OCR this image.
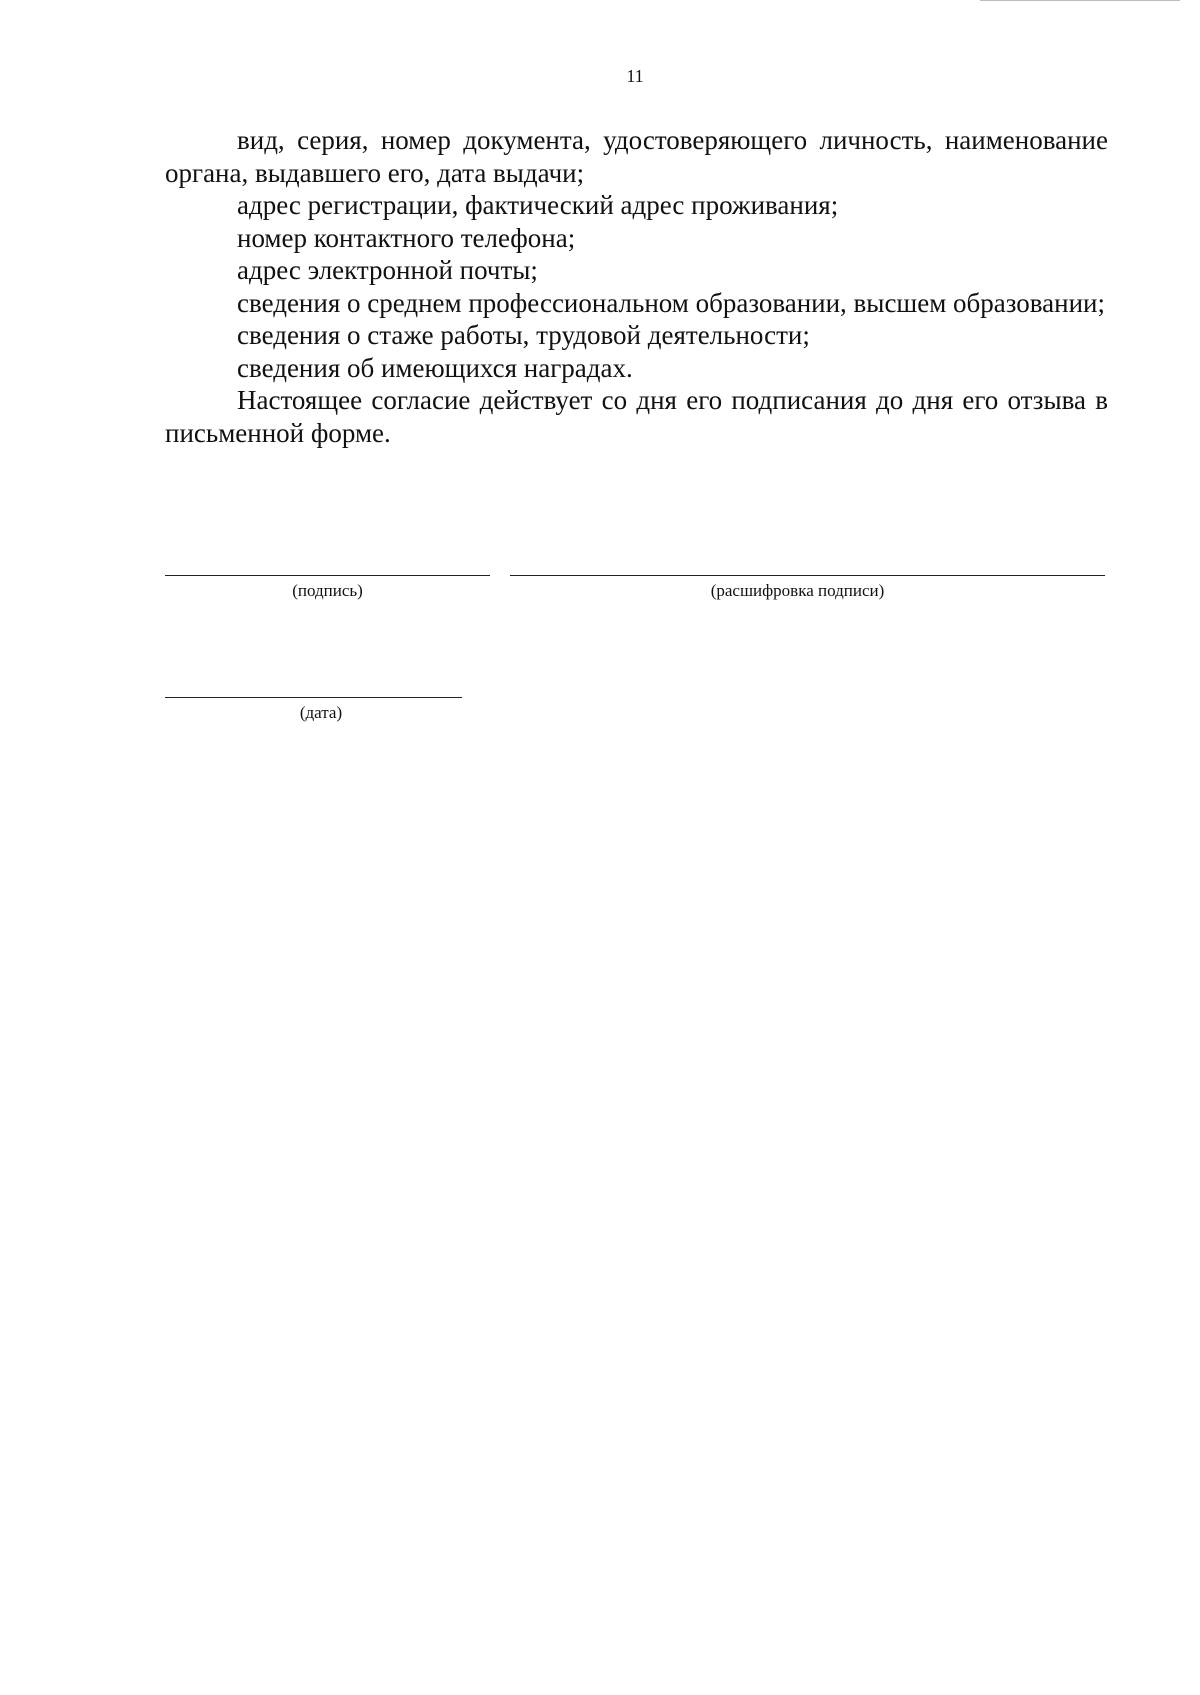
11

вид, серия, номер документа, удостоверяющего личность, наименование органа, выдавшего его, дата выдачи;

адрес регистрации, фактический адрес проживания;

номер контактного телефона;

адрес электронной почты;

сведения о среднем профессиональном образовании, высшем образовании;

сведения о стаже работы, трудовой деятельности;

сведения об имеющихся наградах.

Настоящее согласие действует со дня его подписания до дня его отзыва в письменной форме.

(подпись)	(расшифровка подписи)
(дата)
